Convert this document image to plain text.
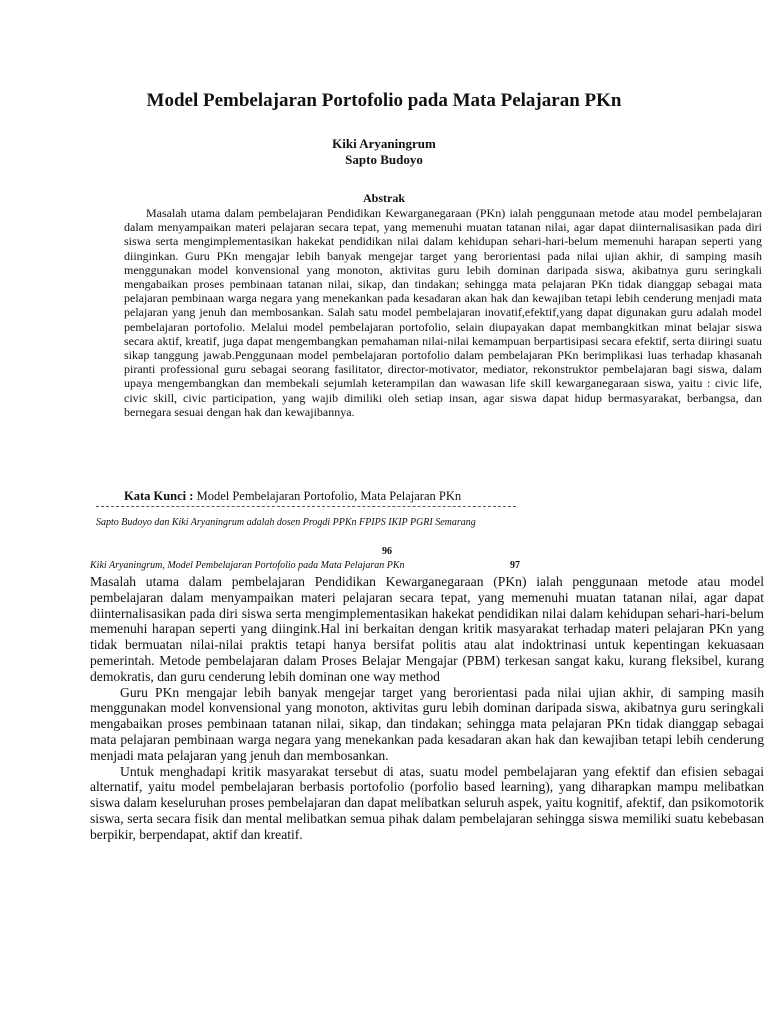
Model Pembelajaran Portofolio pada Mata Pelajaran PKn
Kiki Aryaningrum
Sapto Budoyo
Abstrak

Masalah utama dalam pembelajaran Pendidikan Kewarganegaraan (PKn) ialah penggunaan metode atau model pembelajaran dalam menyampaikan materi pelajaran secara tepat, yang memenuhi muatan tatanan nilai, agar dapat diinternalisasikan pada diri siswa serta mengimplementasikan hakekat pendidikan nilai dalam kehidupan sehari-hari-belum memenuhi harapan seperti yang diinginkan. Guru PKn mengajar lebih banyak mengejar target yang berorientasi pada nilai ujian akhir, di samping masih menggunakan model konvensional yang monoton, aktivitas guru lebih dominan daripada siswa, akibatnya guru seringkali mengabaikan proses pembinaan tatanan nilai, sikap, dan tindakan; sehingga mata pelajaran PKn tidak dianggap sebagai mata pelajaran pembinaan warga negara yang menekankan pada kesadaran akan hak dan kewajiban tetapi lebih cenderung menjadi mata pelajaran yang jenuh dan membosankan. Salah satu model pembelajaran inovatif,efektif,yang dapat digunakan guru adalah model pembelajaran portofolio. Melalui model pembelajaran portofolio, selain diupayakan dapat membangkitkan minat belajar siswa secara aktif, kreatif, juga dapat mengembangkan pemahaman nilai-nilai kemampuan berpartisipasi secara efektif, serta diiringi suatu sikap tanggung jawab.Penggunaan model pembelajaran portofolio dalam pembelajaran PKn berimplikasi luas terhadap khasanah piranti professional guru sebagai seorang fasilitator, director-motivator, mediator, rekonstruktor pembelajaran bagi siswa, dalam upaya mengembangkan dan membekali sejumlah keterampilan dan wawasan life skill kewarganegaraan siswa, yaitu : civic life, civic skill, civic participation, yang wajib dimiliki oleh setiap insan, agar siswa dapat hidup bermasyarakat, berbangsa, dan bernegara sesuai dengan hak dan kewajibannya.

Kata Kunci : Model Pembelajaran Portofolio, Mata Pelajaran PKn

Sapto Budoyo dan Kiki Aryaningrum adalah dosen Progdi PPKn FPIPS IKIP PGRI Semarang

96
Kiki Aryaningrum, Model Pembelajaran Portofolio pada Mata Pelajaran PKn	97

Masalah utama dalam pembelajaran Pendidikan Kewarganegaraan (PKn) ialah penggunaan metode atau model pembelajaran dalam menyampaikan materi pelajaran secara tepat, yang memenuhi muatan tatanan nilai, agar dapat diinternalisasikan pada diri siswa serta mengimplementasikan hakekat pendidikan nilai dalam kehidupan sehari-hari-belum memenuhi harapan seperti yang diingink.Hal ini berkaitan dengan kritik masyarakat terhadap materi pelajaran PKn yang tidak bermuatan nilai-nilai praktis tetapi hanya bersifat politis atau alat indoktrinasi untuk kepentingan kekuasaan pemerintah. Metode pembelajaran dalam Proses Belajar Mengajar (PBM) terkesan sangat kaku, kurang fleksibel, kurang demokratis, dan guru cenderung lebih dominan one way method

Guru PKn mengajar lebih banyak mengejar target yang berorientasi pada nilai ujian akhir, di samping masih menggunakan model konvensional yang monoton, aktivitas guru lebih dominan daripada siswa, akibatnya guru seringkali mengabaikan proses pembinaan tatanan nilai, sikap, dan tindakan; sehingga mata pelajaran PKn tidak dianggap sebagai mata pelajaran pembinaan warga negara yang menekankan pada kesadaran akan hak dan kewajiban tetapi lebih cenderung menjadi mata pelajaran yang jenuh dan membosankan.

Untuk menghadapi kritik masyarakat tersebut di atas, suatu model pembelajaran yang efektif dan efisien sebagai alternatif, yaitu model pembelajaran berbasis portofolio (porfolio based learning), yang diharapkan mampu melibatkan siswa dalam keseluruhan proses pembelajaran dan dapat melibatkan seluruh aspek, yaitu kognitif, afektif, dan psikomotorik siswa, serta secara fisik dan mental melibatkan semua pihak dalam pembelajaran sehingga siswa memiliki suatu kebebasan berpikir, berpendapat, aktif dan kreatif.
